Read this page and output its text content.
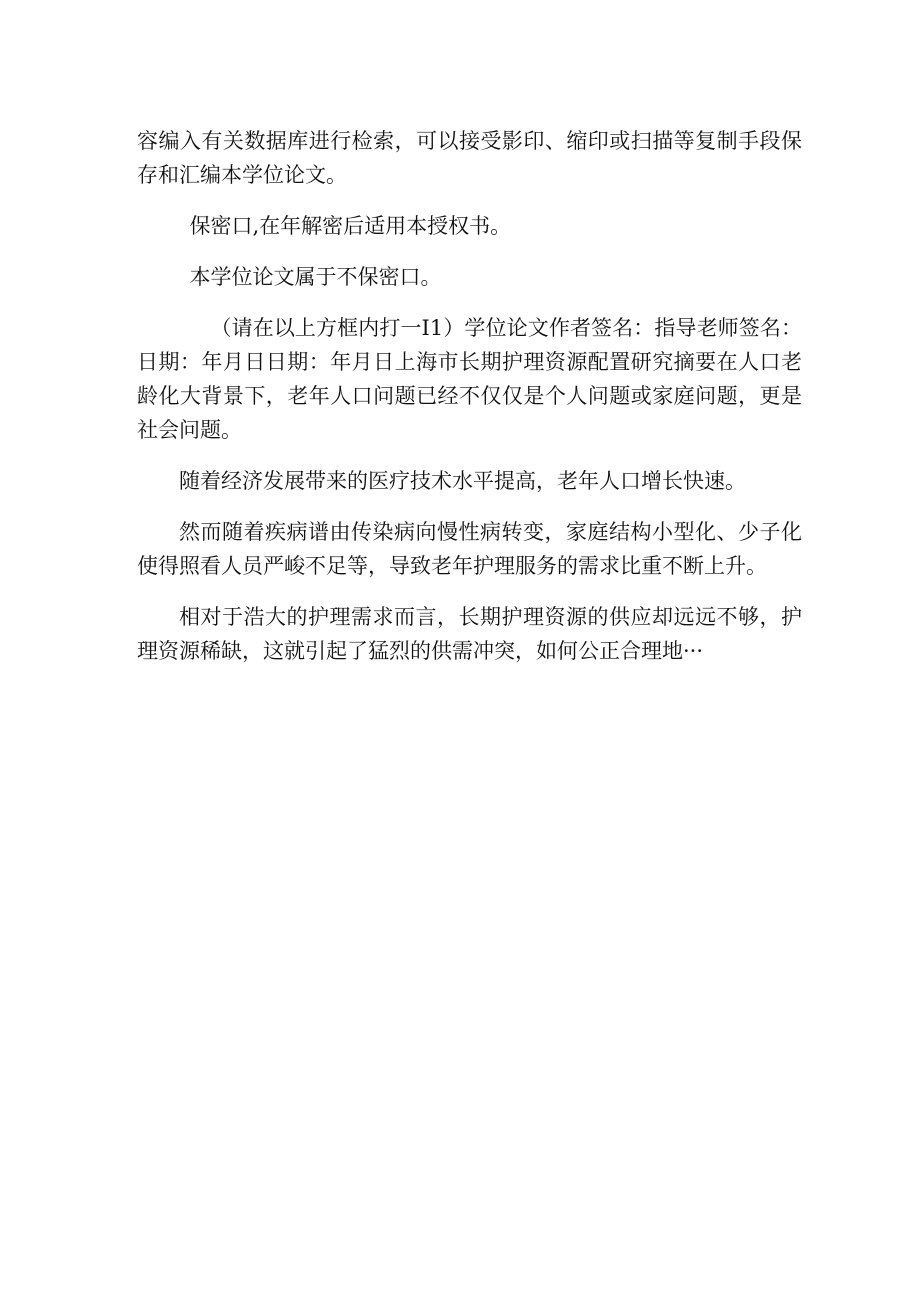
容编入有关数据库进行检索，可以接受影印、缩印或扫描等复制手段保存和汇编本学位论文。

保密口,在年解密后适用本授权书。

本学位论文属于不保密口。

（请在以上方框内打一I1）学位论文作者签名：指导老师签名：日期：年月日日期：年月日上海市长期护理资源配置研究摘要在人口老龄化大背景下，老年人口问题已经不仅仅是个人问题或家庭问题，更是社会问题。

随着经济发展带来的医疗技术水平提高，老年人口增长快速。

然而随着疾病谱由传染病向慢性病转变，家庭结构小型化、少子化使得照看人员严峻不足等，导致老年护理服务的需求比重不断上升。

相对于浩大的护理需求而言，长期护理资源的供应却远远不够，护理资源稀缺，这就引起了猛烈的供需冲突，如何公正合理地···
